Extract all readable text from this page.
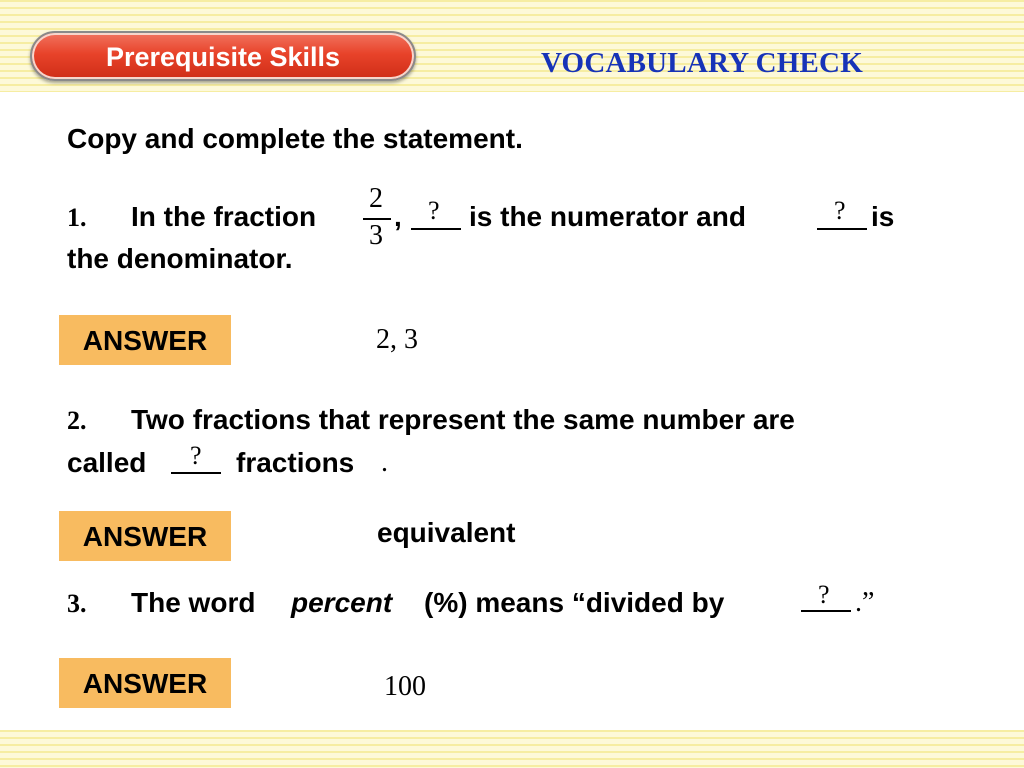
Prerequisite Skills	VOCABULARY CHECK
Copy and complete the statement.
1. In the fraction
2
3
, ? is the numerator and	? is
the denominator.
ANSWER	2, 3
2. Two fractions that represent the same number are
called ? fractions .
ANSWER	equivalent
3. The word percent (%) means “divided by	? .”
ANSWER	100
